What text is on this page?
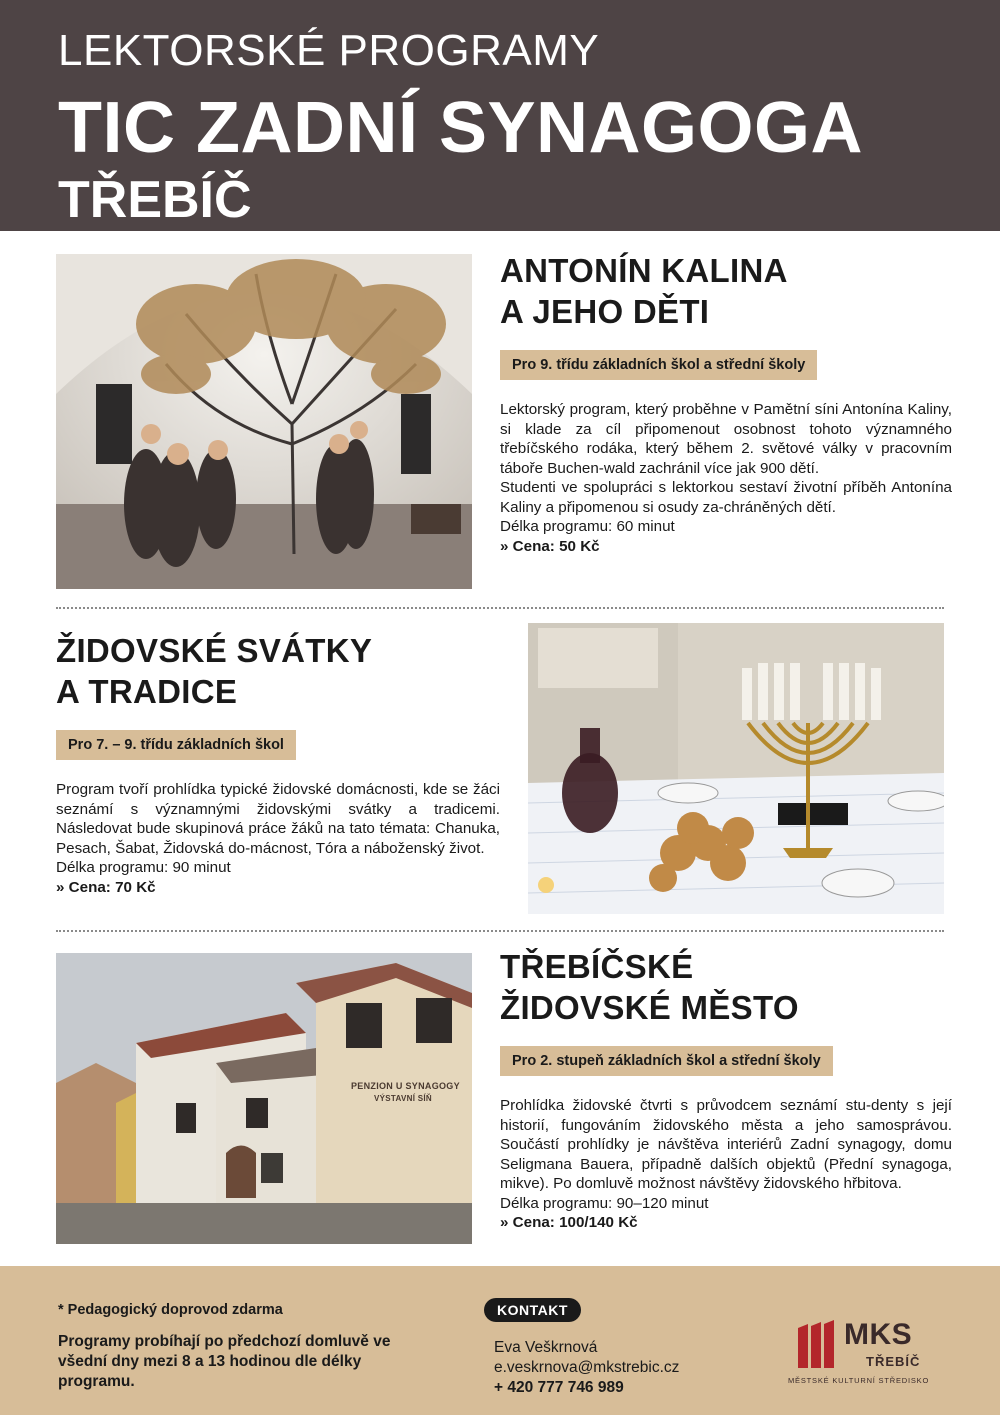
LEKTORSKÉ PROGRAMY
TIC ZADNÍ SYNAGOGA
TŘEBÍČ
ANTONÍN KALINA
A JEHO DĚTI
Pro 9. třídu základních škol a střední školy

Lektorský program, který proběhne v Pamětní síni Antonína Kaliny, si klade za cíl připomenout osobnost tohoto významného třebíčského rodáka, který během 2. světové války v pracovním táboře Buchen-wald zachránil více jak 900 dětí.

Studenti ve spolupráci s lektorkou sestaví životní příběh Antonína Kaliny a připomenou si osudy za-chráněných dětí.

Délka programu: 60 minut
» Cena: 50 Kč
ŽIDOVSKÉ SVÁTKY
A TRADICE
Pro 7. – 9. třídu základních škol

Program tvoří prohlídka typické židovské domácnosti, kde se žáci seznámí s významnými židovskými svátky a tradicemi. Následovat bude skupinová práce žáků na tato témata: Chanuka, Pesach, Šabat, Židovská do-mácnost, Tóra a náboženský život.

Délka programu: 90 minut
» Cena: 70 Kč
PENZION U SYNAGOGY
VÝSTAVNÍ SÍŇ
TŘEBÍČSKÉ
ŽIDOVSKÉ MĚSTO
Pro 2. stupeň základních škol a střední školy

Prohlídka židovské čtvrti s průvodcem seznámí stu-denty s její historií, fungováním židovského města a jeho samosprávou. Součástí prohlídky je návštěva interiérů Zadní synagogy, domu Seligmana Bauera, případně dalších objektů (Přední synagoga, mikve). Po domluvě možnost návštěvy židovského hřbitova.

Délka programu: 90–120 minut
» Cena: 100/140 Kč
* Pedagogický doprovod zdarma
Programy probíhají po předchozí domluvě ve všední dny mezi 8 a 13 hodinou dle délky programu.
KONTAKT
Eva Veškrnová
e.veskrnova@mkstrebic.cz
+ 420 777 746 989
MKS
TŘEBÍČ
MĚSTSKÉ KULTURNÍ STŘEDISKO
